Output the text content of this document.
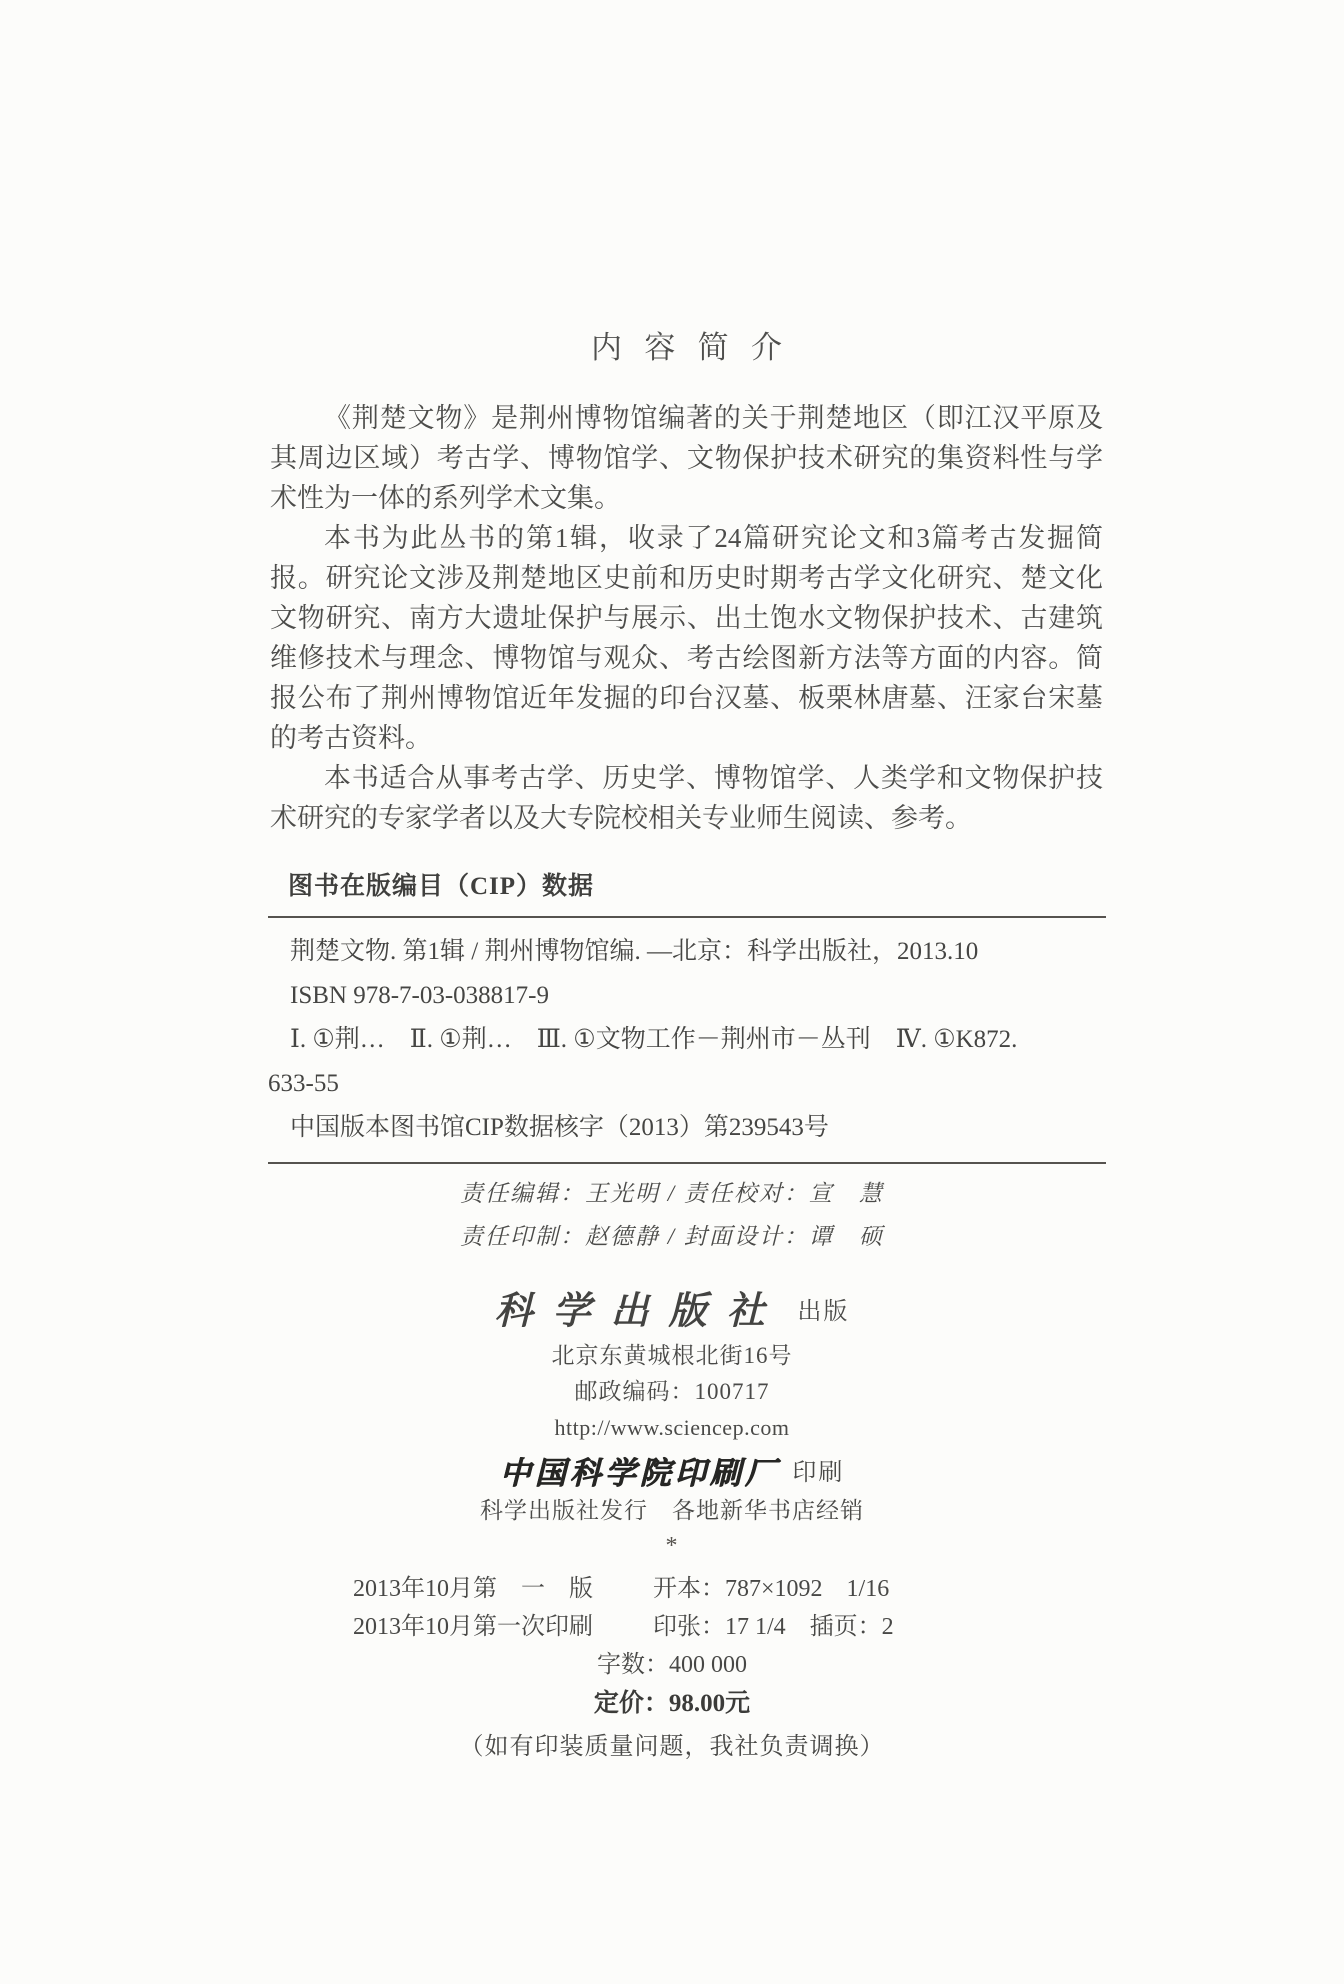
内容简介

《荆楚文物》是荆州博物馆编著的关于荆楚地区（即江汉平原及其周边区域）考古学、博物馆学、文物保护技术研究的集资料性与学术性为一体的系列学术文集。

本书为此丛书的第1辑，收录了24篇研究论文和3篇考古发掘简报。研究论文涉及荆楚地区史前和历史时期考古学文化研究、楚文化文物研究、南方大遗址保护与展示、出土饱水文物保护技术、古建筑维修技术与理念、博物馆与观众、考古绘图新方法等方面的内容。简报公布了荆州博物馆近年发掘的印台汉墓、板栗林唐墓、汪家台宋墓的考古资料。

本书适合从事考古学、历史学、博物馆学、人类学和文物保护技术研究的专家学者以及大专院校相关专业师生阅读、参考。

图书在版编目（CIP）数据
荆楚文物. 第1辑 / 荆州博物馆编. —北京：科学出版社，2013.10
ISBN 978-7-03-038817-9
Ⅰ. ①荆…　Ⅱ. ①荆…　Ⅲ. ①文物工作－荆州市－丛刊　Ⅳ. ①K872.
633-55
中国版本图书馆CIP数据核字（2013）第239543号
责任编辑：王光明 / 责任校对：宣　慧
责任印制：赵德静 / 封面设计：谭　硕
科学出版社 出版
北京东黄城根北街16号
邮政编码：100717
http://www.sciencep.com
中国科学院印刷厂 印刷
科学出版社发行　各地新华书店经销
*
2013年10月第　一　版	开本：787×1092　1/16
2013年10月第一次印刷	印张：17 1/4　插页：2
字数：400 000
定价：98.00元
（如有印装质量问题，我社负责调换）
